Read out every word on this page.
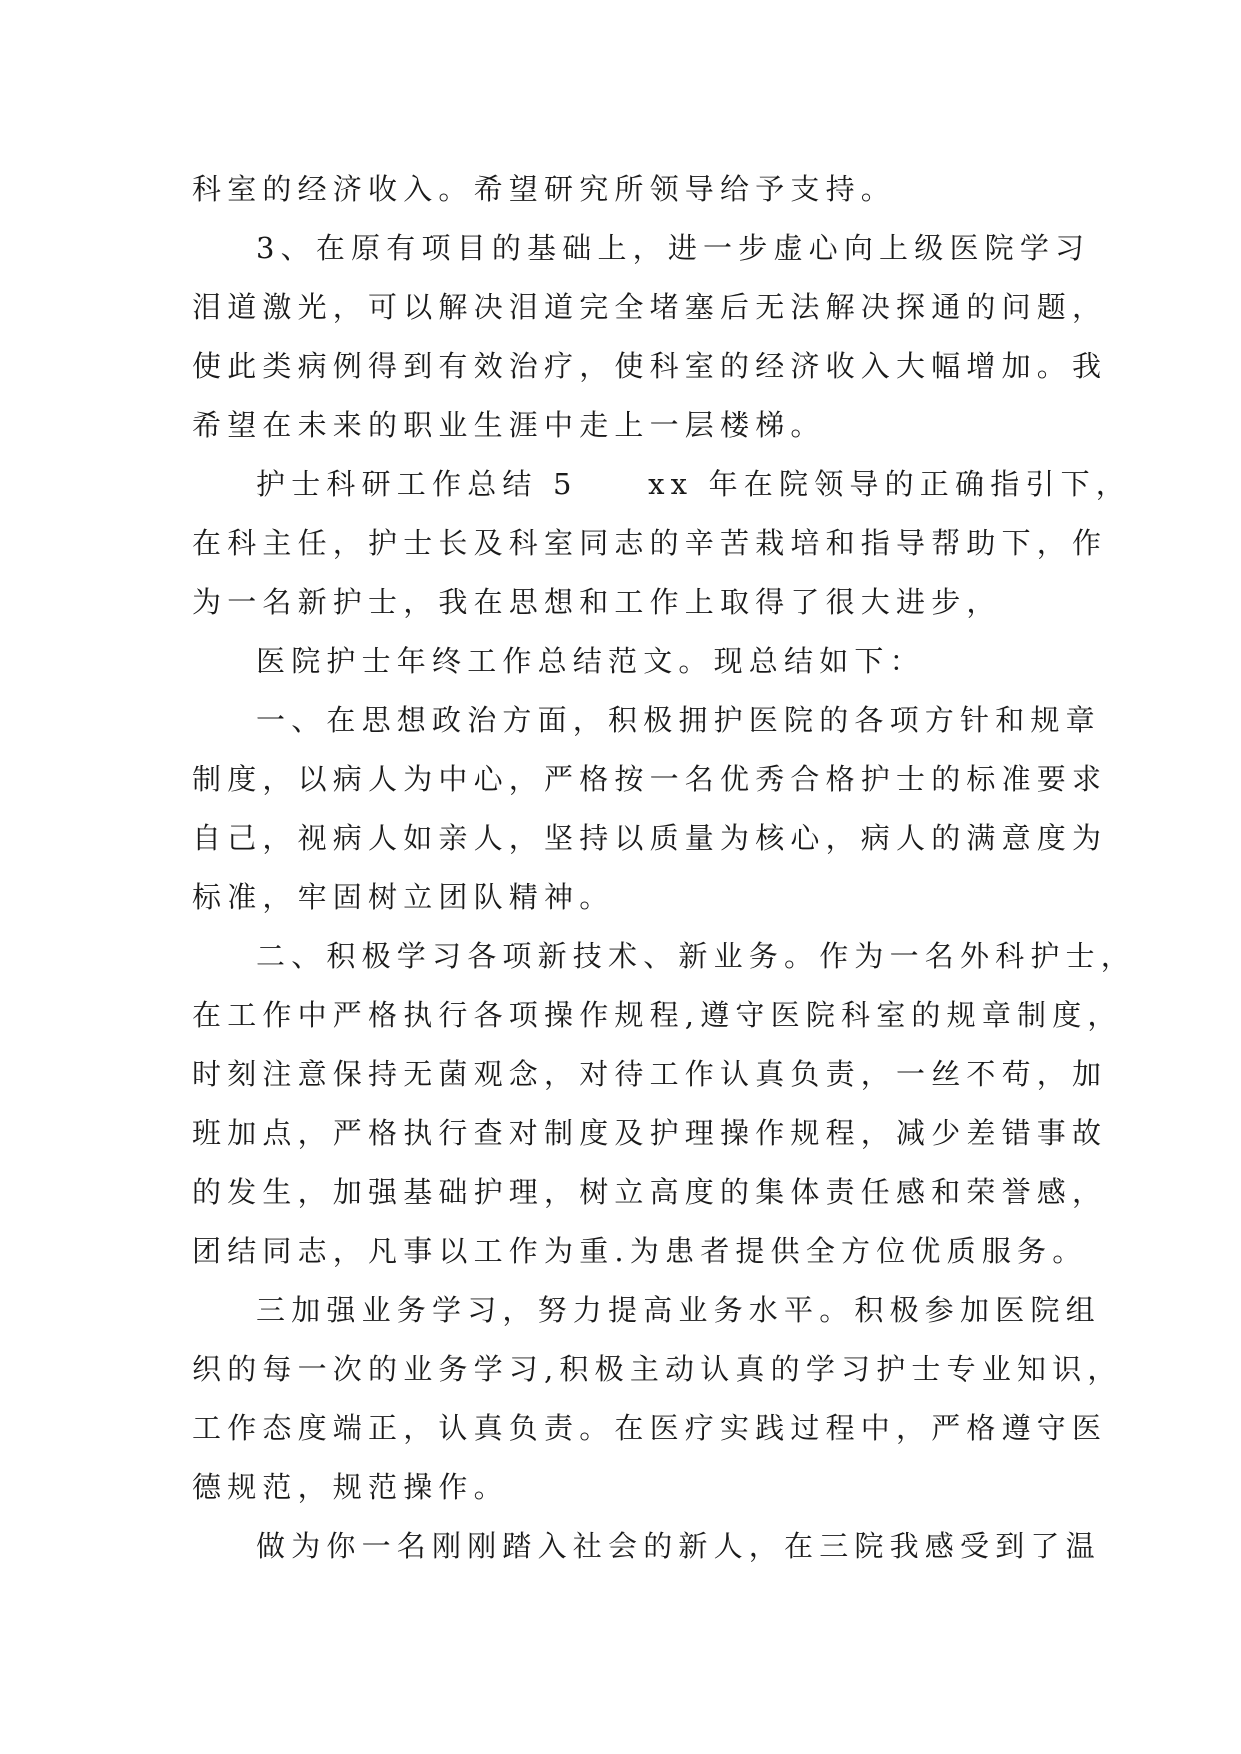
科室的经济收入。希望研究所领导给予支持。
3、在原有项目的基础上，进一步虚心向上级医院学习
泪道激光，可以解决泪道完全堵塞后无法解决探通的问题，
使此类病例得到有效治疗，使科室的经济收入大幅增加。我
希望在未来的职业生涯中走上一层楼梯。
护士科研工作总结 5　　xx 年在院领导的正确指引下，
在科主任，护士长及科室同志的辛苦栽培和指导帮助下，作
为一名新护士，我在思想和工作上取得了很大进步，
医院护士年终工作总结范文。现总结如下：
一、在思想政治方面，积极拥护医院的各项方针和规章
制度，以病人为中心，严格按一名优秀合格护士的标准要求
自己，视病人如亲人，坚持以质量为核心，病人的满意度为
标准，牢固树立团队精神。
二、积极学习各项新技术、新业务。作为一名外科护士，
在工作中严格执行各项操作规程,遵守医院科室的规章制度，
时刻注意保持无菌观念，对待工作认真负责，一丝不苟，加
班加点，严格执行查对制度及护理操作规程，减少差错事故
的发生，加强基础护理，树立高度的集体责任感和荣誉感，
团结同志，凡事以工作为重.为患者提供全方位优质服务。
三加强业务学习，努力提高业务水平。积极参加医院组
织的每一次的业务学习,积极主动认真的学习护士专业知识，
工作态度端正，认真负责。在医疗实践过程中，严格遵守医
德规范，规范操作。
做为你一名刚刚踏入社会的新人，在三院我感受到了温
